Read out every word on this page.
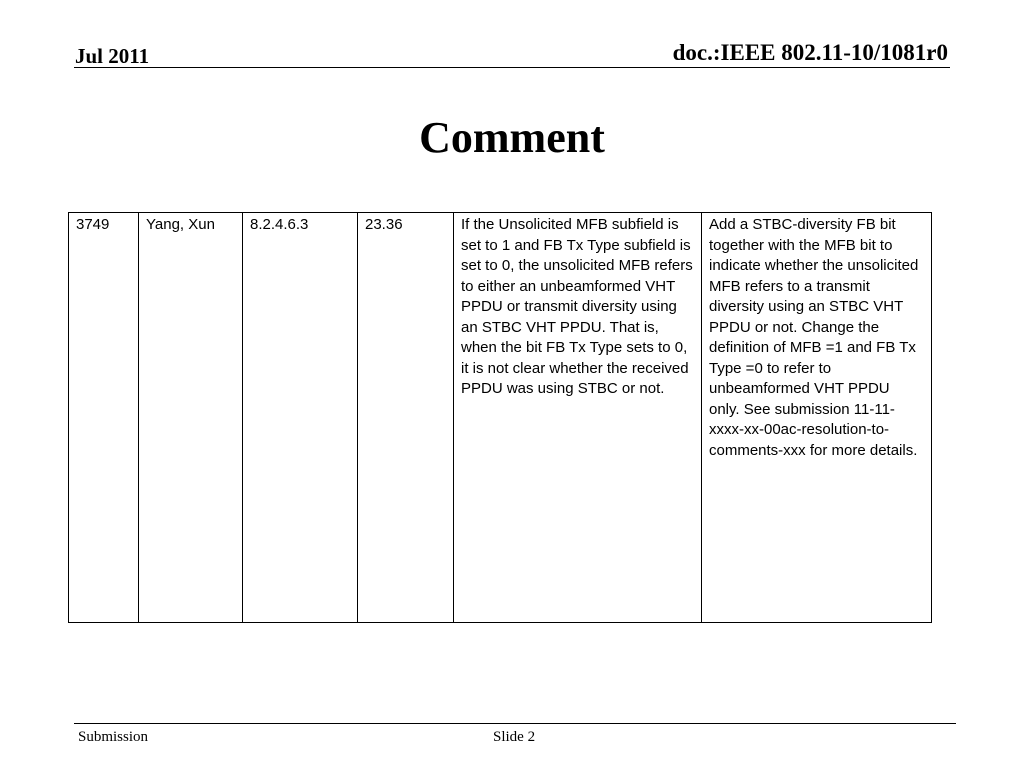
Jul 2011	doc.:IEEE 802.11-10/1081r0
Comment
3749	Yang, Xun	8.2.4.6.3	23.36	If the Unsolicited MFB subfield is set to 1 and FB Tx Type subfield is set to 0, the unsolicited MFB refers to either an unbeamformed VHT PPDU or transmit diversity using an STBC VHT PPDU. That is, when the bit FB Tx Type sets to 0, it is not clear whether the received PPDU was using STBC or not.	Add a STBC-diversity FB bit together with the MFB bit to indicate whether the unsolicited MFB refers to a transmit diversity using an STBC VHT PPDU or not. Change the definition of MFB =1 and FB Tx Type =0 to refer to unbeamformed VHT PPDU only. See submission 11-11-xxxx-xx-00ac-resolution-to-comments-xxx for more details.
Submission	Slide 2
